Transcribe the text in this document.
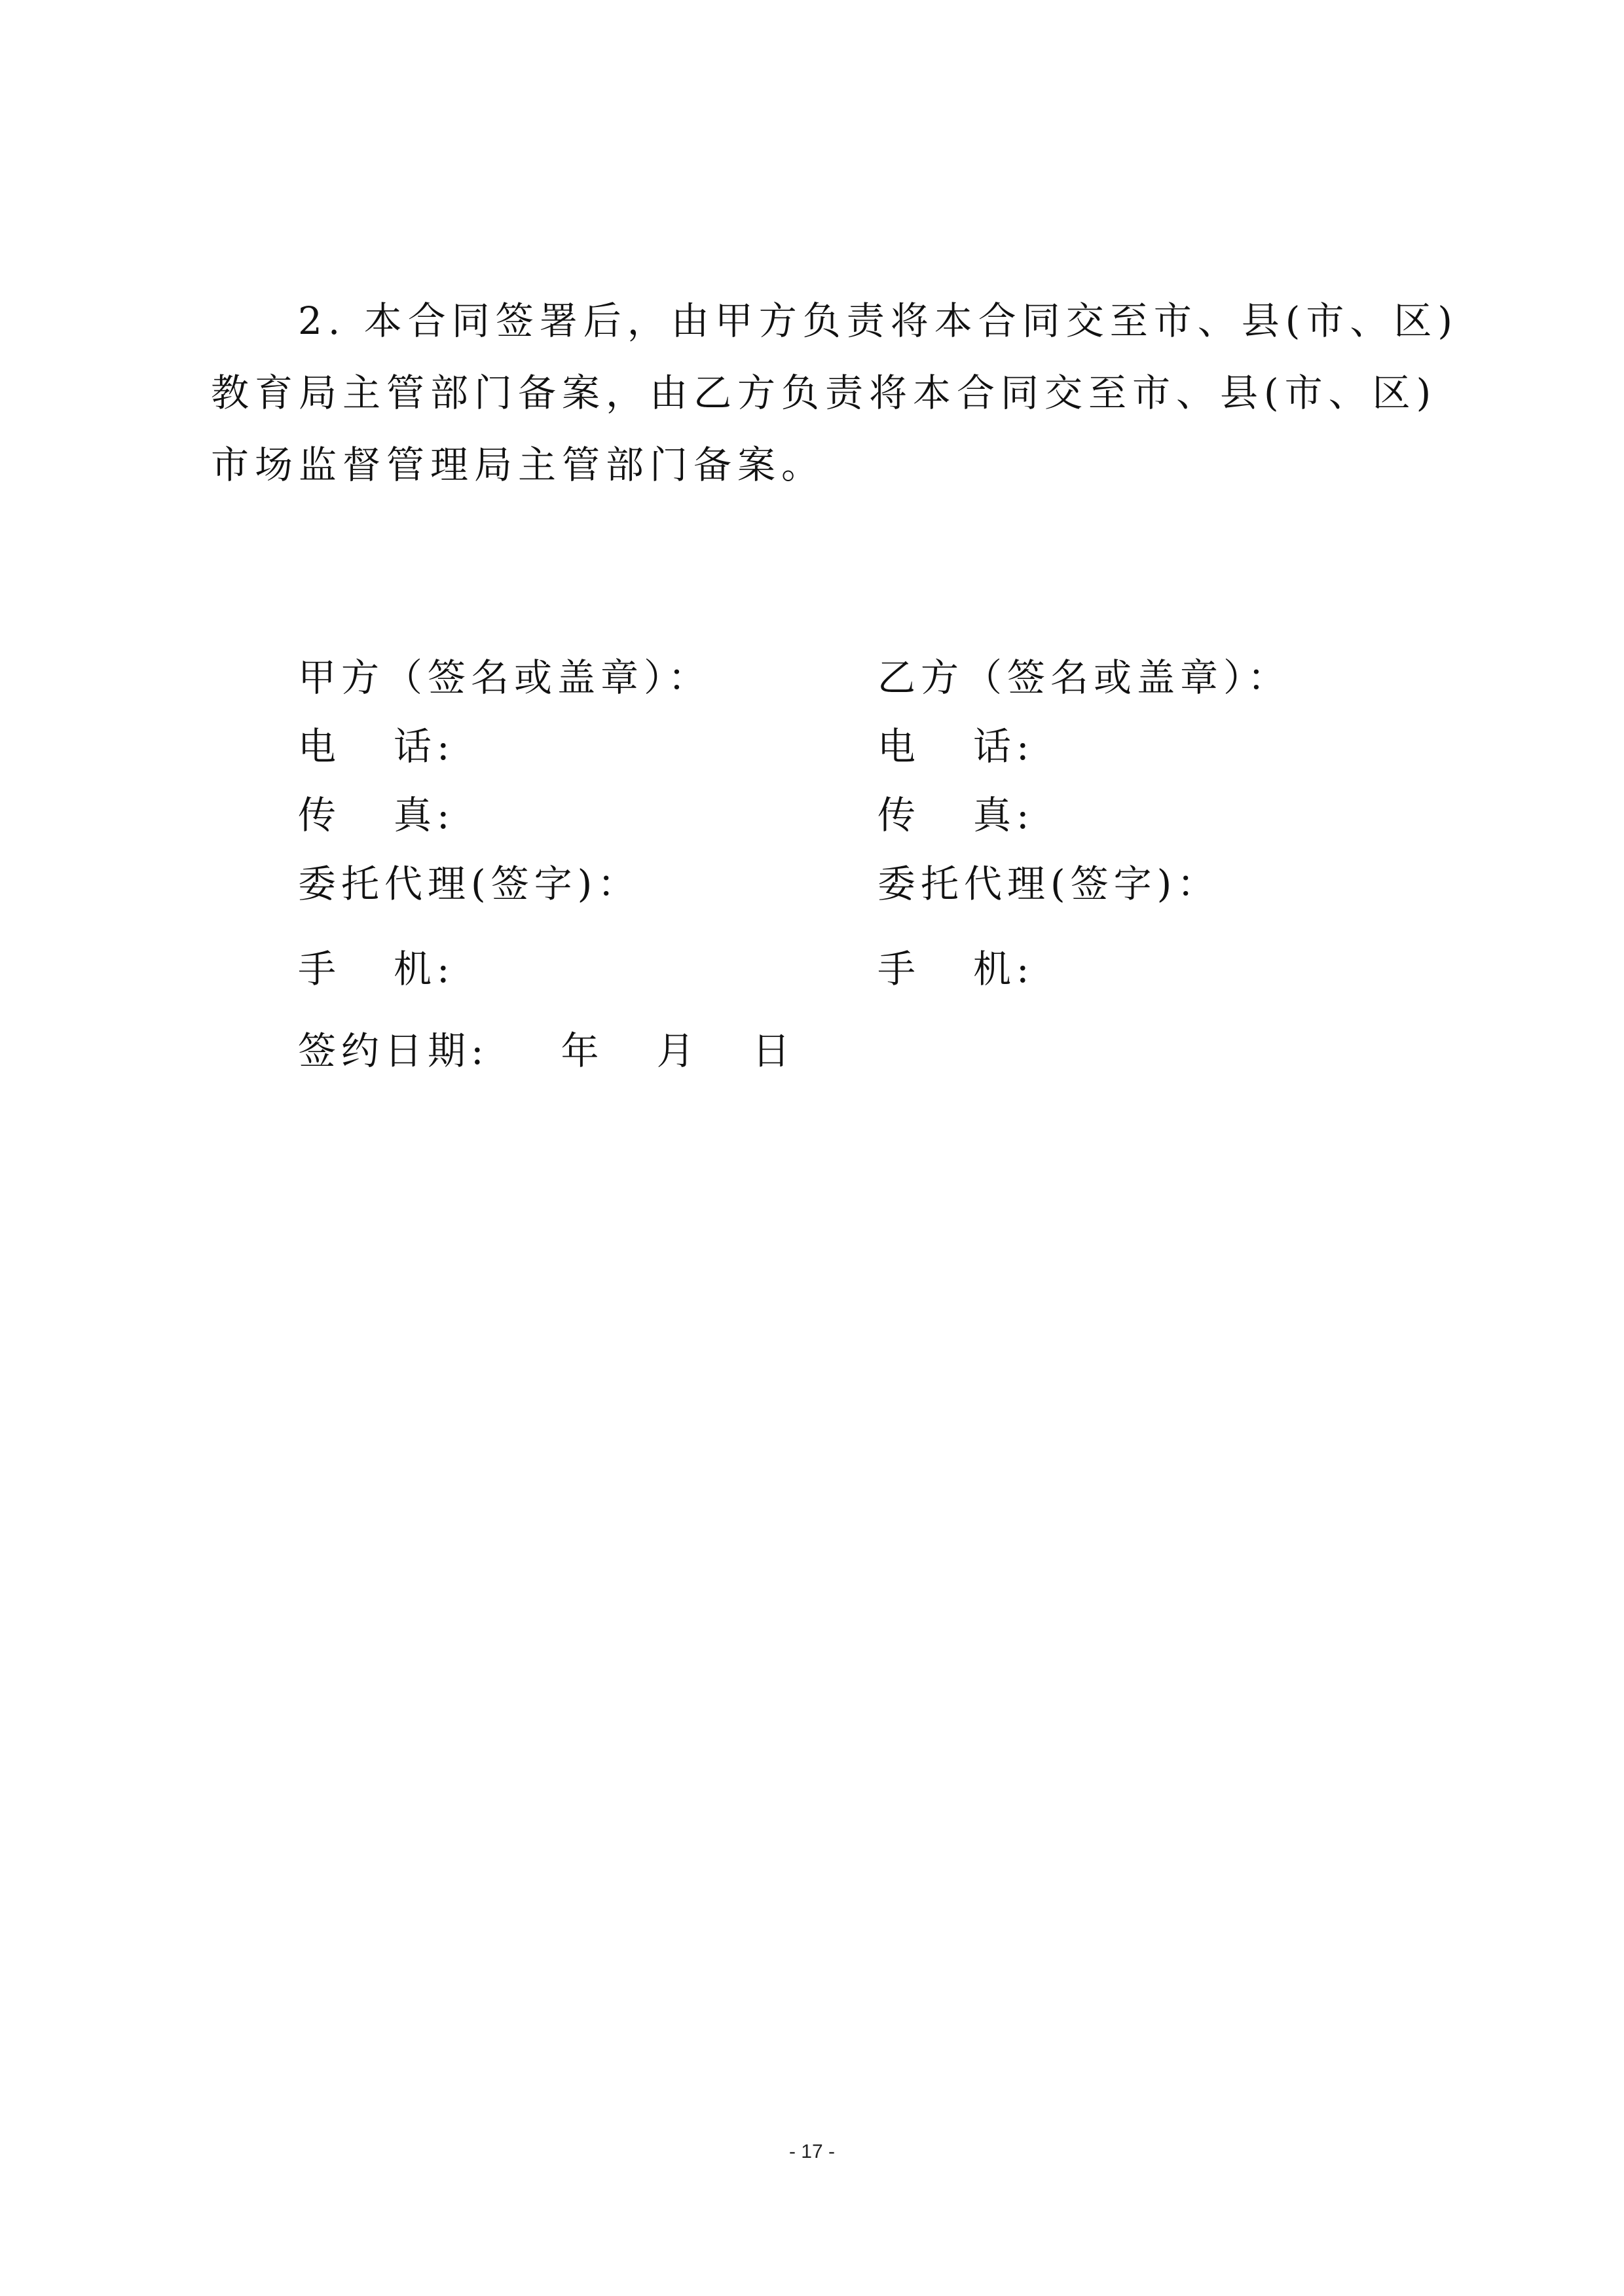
2. 本合同签署后，由甲方负责将本合同交至市、县(市、区)
教育局主管部门备案，由乙方负责将本合同交至市、县(市、区)
市场监督管理局主管部门备案。
甲方（签名或盖章）：
电 话:
传 真:
委托代理(签字)：
手 机:
乙方（签名或盖章）：
电 话:
传 真:
委托代理(签字)：
手 机:
签约日期: 年 月 日
- 17 -
